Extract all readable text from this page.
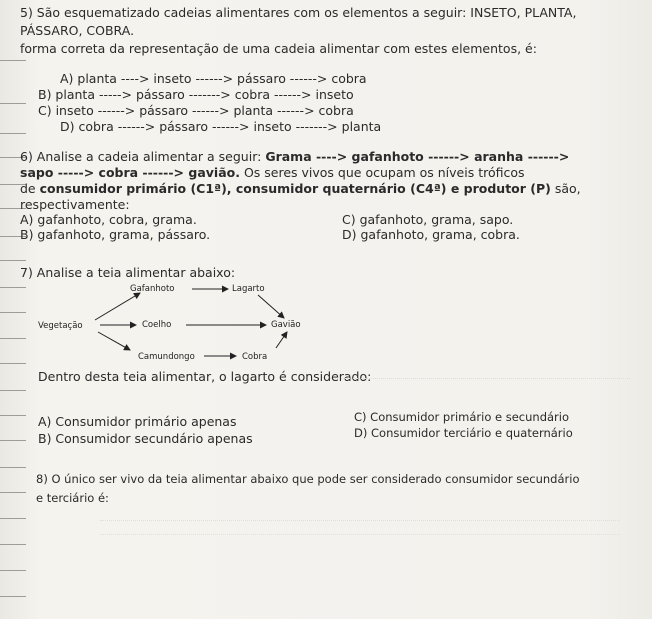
5) São esquematizado cadeias alimentares com os elementos a seguir: INSETO, PLANTA,
PÁSSARO, COBRA.
forma correta da representação de uma cadeia alimentar com estes elementos, é:
A) planta ----> inseto ------> pássaro ------> cobra
B) planta -----> pássaro -------> cobra ------> inseto
C) inseto ------> pássaro ------> planta ------> cobra
D) cobra ------> pássaro ------> inseto -------> planta
6) Analise a cadeia alimentar a seguir: Grama ----> gafanhoto ------> aranha ------>
sapo -----> cobra ------> gavião. Os seres vivos que ocupam os níveis tróficos
de consumidor primário (C1ª), consumidor quaternário (C4ª) e produtor (P) são,
respectivamente:
A) gafanhoto, cobra, grama.
B) gafanhoto, grama, pássaro.
C) gafanhoto, grama, sapo.
D) gafanhoto, grama, cobra.
7) Analise a teia alimentar abaixo:
Gafanhoto	Lagarto
Vegetação	Coelho	Gavião
Camundongo	Cobra
Dentro desta teia alimentar, o lagarto é considerado:
A) Consumidor primário apenas
B) Consumidor secundário apenas
C) Consumidor primário e secundário
D) Consumidor terciário e quaternário
8) O único ser vivo da teia alimentar abaixo que pode ser considerado consumidor secundário
e terciário é:
